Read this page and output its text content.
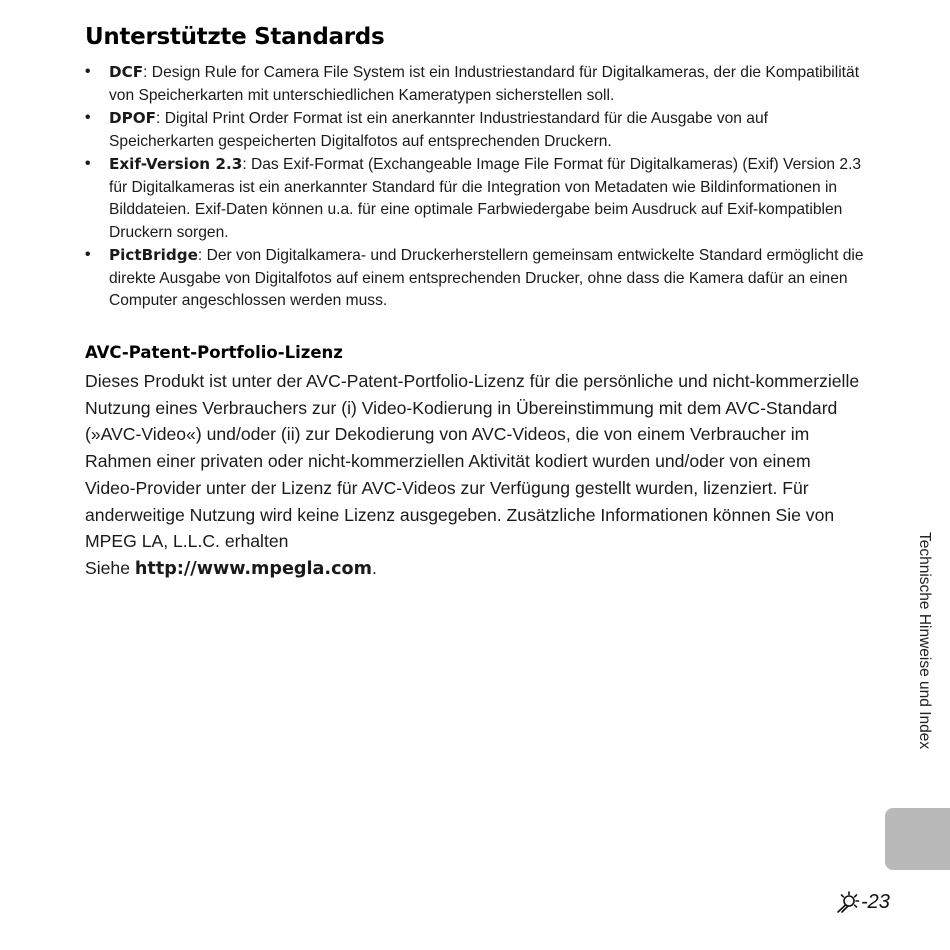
Unterstützte Standards
• DCF: Design Rule for Camera File System ist ein Industriestandard für Digitalkameras, der die Kompatibilität von Speicherkarten mit unterschiedlichen Kameratypen sicherstellen soll.
• DPOF: Digital Print Order Format ist ein anerkannter Industriestandard für die Ausgabe von auf Speicherkarten gespeicherten Digitalfotos auf entsprechenden Druckern.
• Exif-Version 2.3: Das Exif-Format (Exchangeable Image File Format für Digitalkameras) (Exif) Version 2.3 für Digitalkameras ist ein anerkannter Standard für die Integration von Metadaten wie Bildinformationen in Bilddateien. Exif-Daten können u.a. für eine optimale Farbwiedergabe beim Ausdruck auf Exif-kompatiblen Druckern sorgen.
• PictBridge: Der von Digitalkamera- und Druckerherstellern gemeinsam entwickelte Standard ermöglicht die direkte Ausgabe von Digitalfotos auf einem entsprechenden Drucker, ohne dass die Kamera dafür an einen Computer angeschlossen werden muss.
AVC-Patent-Portfolio-Lizenz

Dieses Produkt ist unter der AVC-Patent-Portfolio-Lizenz für die persönliche und nicht-kommerzielle Nutzung eines Verbrauchers zur (i) Video-Kodierung in Übereinstimmung mit dem AVC-Standard (»AVC-Video«) und/oder (ii) zur Dekodierung von AVC-Videos, die von einem Verbraucher im Rahmen einer privaten oder nicht-kommerziellen Aktivität kodiert wurden und/oder von einem Video-Provider unter der Lizenz für AVC-Videos zur Verfügung gestellt wurden, lizenziert. Für anderweitige Nutzung wird keine Lizenz ausgegeben. Zusätzliche Informationen können Sie von MPEG LA, L.L.C. erhalten

Siehe http://www.mpegla.com.	Technische Hinweise und Index
- 23
